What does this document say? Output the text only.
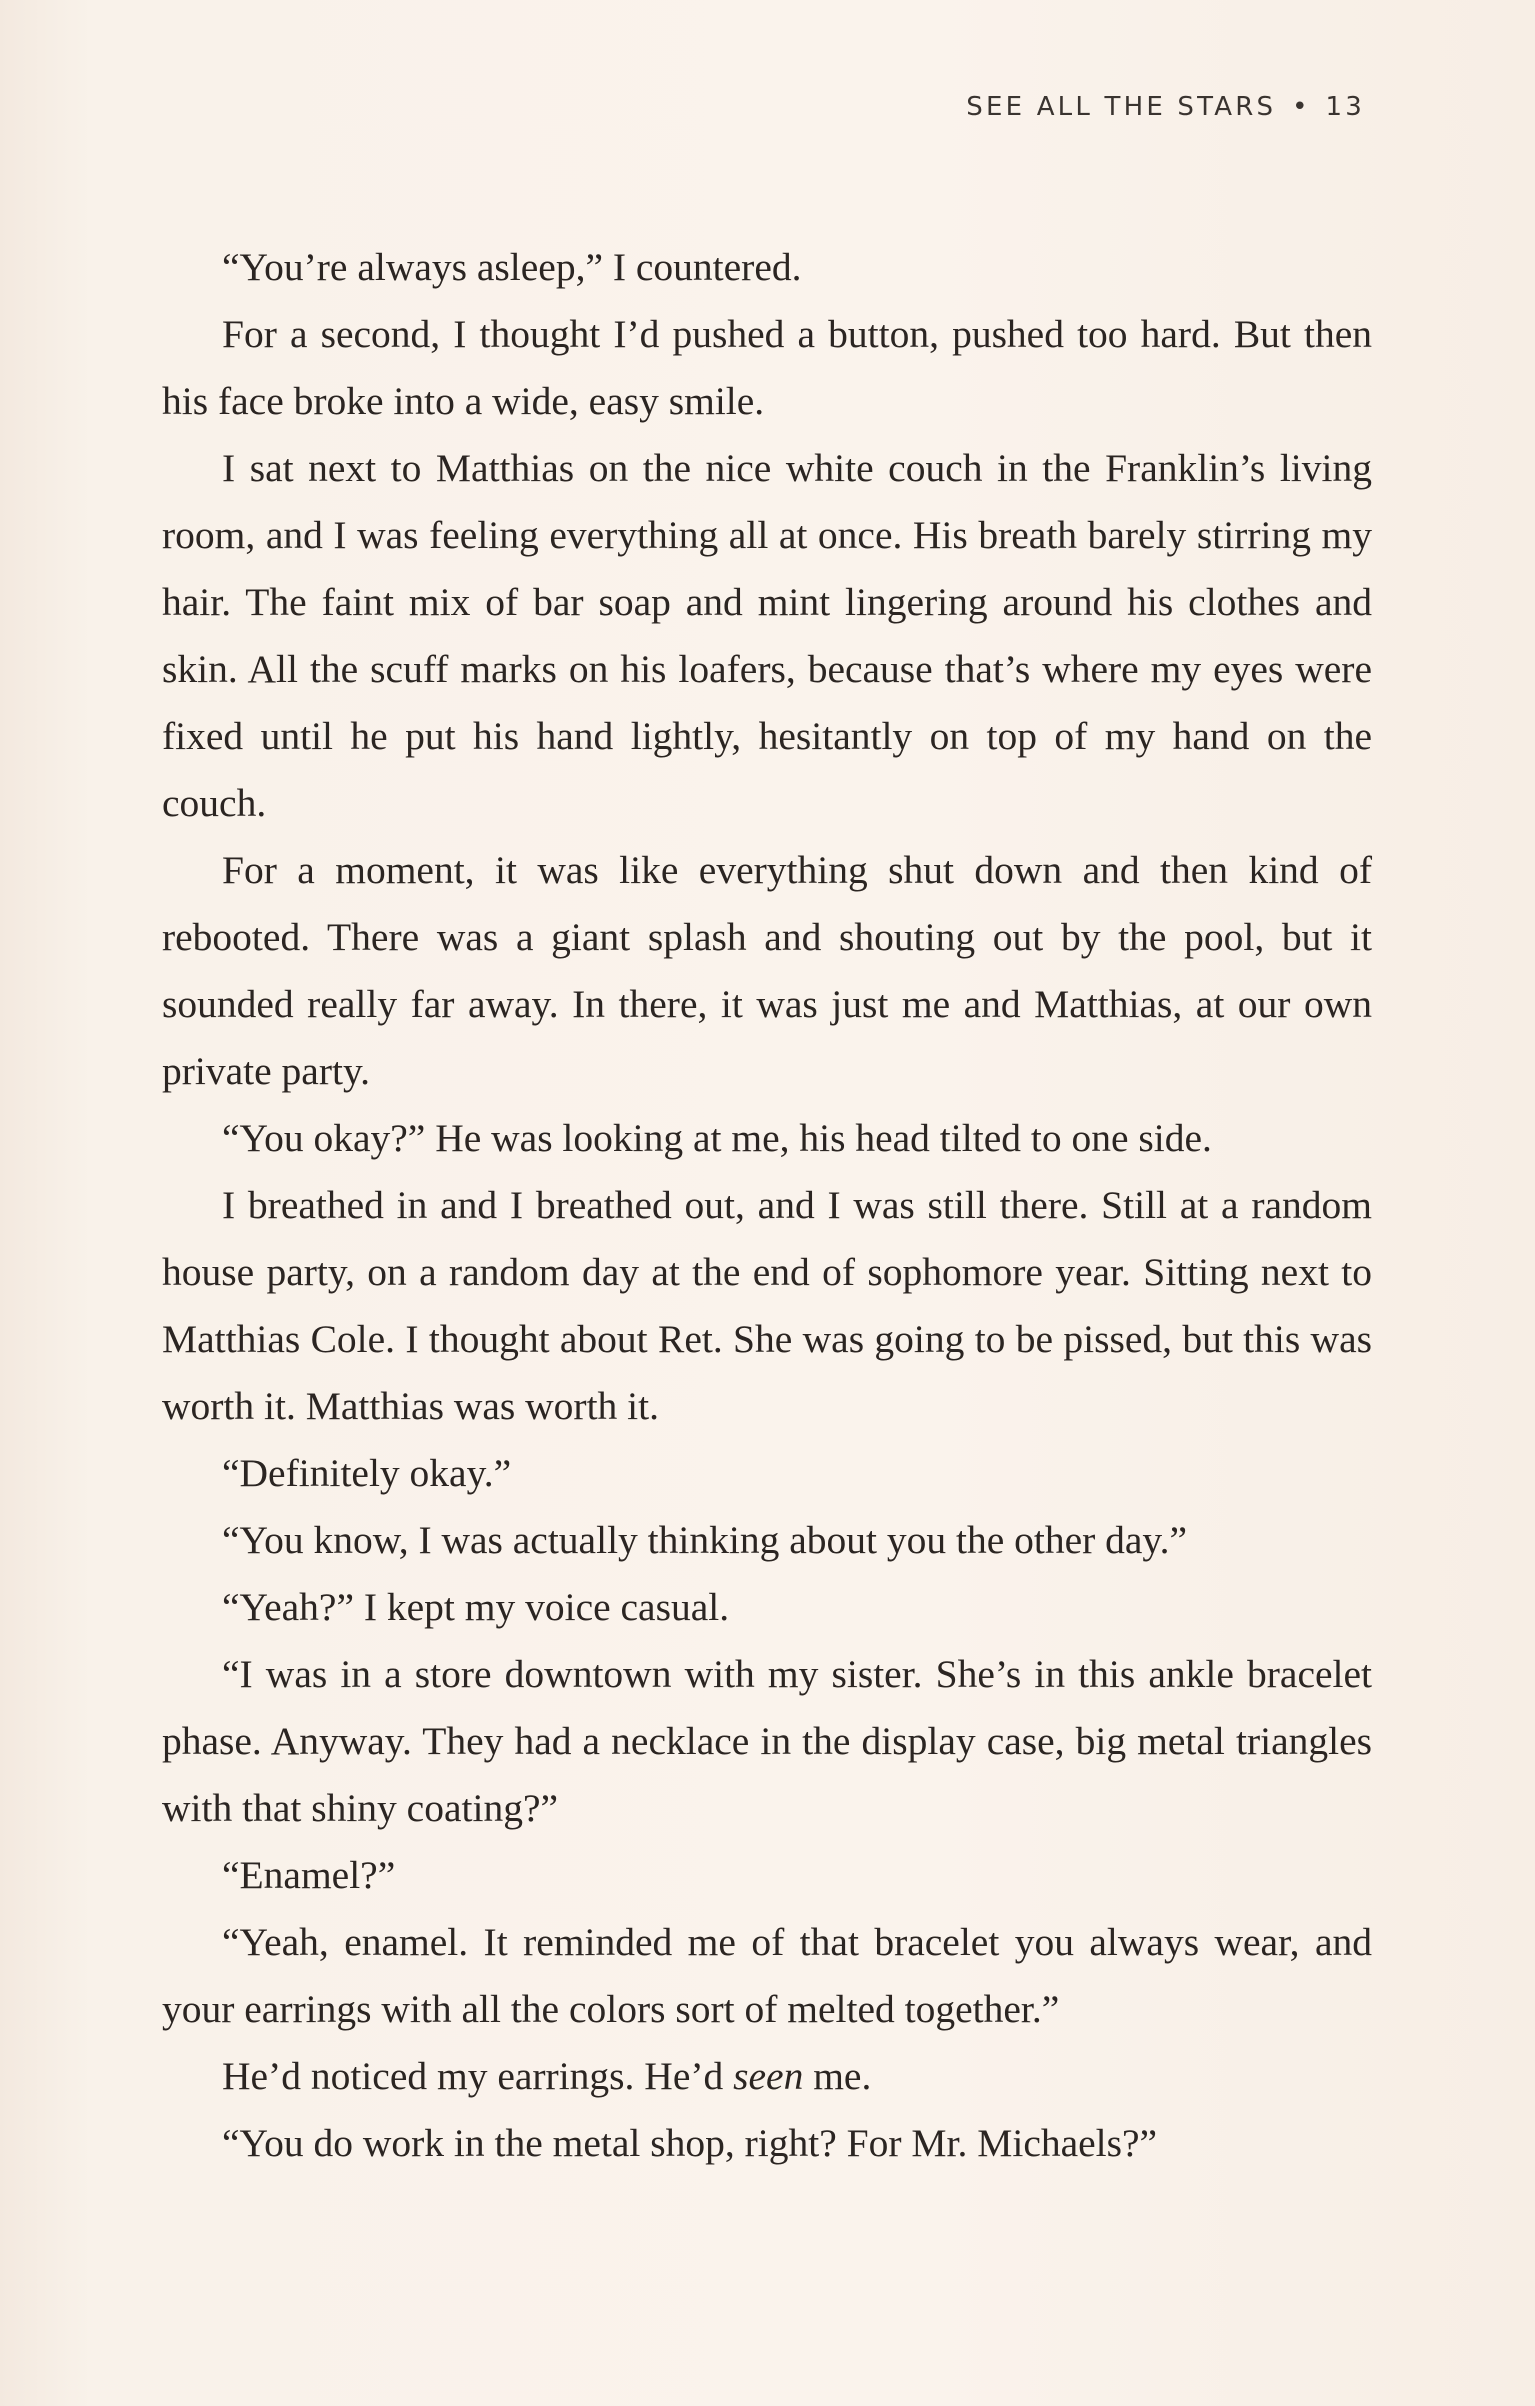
SEE ALL THE STARS • 13

“You’re always asleep,” I countered.

For a second, I thought I’d pushed a button, pushed too hard. But then his face broke into a wide, easy smile.

I sat next to Matthias on the nice white couch in the Franklin’s living room, and I was feeling everything all at once. His breath barely stirring my hair. The faint mix of bar soap and mint lingering around his clothes and skin. All the scuff marks on his loafers, because that’s where my eyes were fixed until he put his hand lightly, hesitantly on top of my hand on the couch.

For a moment, it was like everything shut down and then kind of rebooted. There was a giant splash and shouting out by the pool, but it sounded really far away. In there, it was just me and Matthias, at our own private party.

“You okay?” He was looking at me, his head tilted to one side.

I breathed in and I breathed out, and I was still there. Still at a random house party, on a random day at the end of sophomore year. Sitting next to Matthias Cole. I thought about Ret. She was going to be pissed, but this was worth it. Matthias was worth it.

“Definitely okay.”

“You know, I was actually thinking about you the other day.”

“Yeah?” I kept my voice casual.

“I was in a store downtown with my sister. She’s in this ankle bracelet phase. Anyway. They had a necklace in the display case, big metal triangles with that shiny coating?”

“Enamel?”

“Yeah, enamel. It reminded me of that bracelet you always wear, and your earrings with all the colors sort of melted together.”

He’d noticed my earrings. He’d seen me.

“You do work in the metal shop, right? For Mr. Michaels?”
